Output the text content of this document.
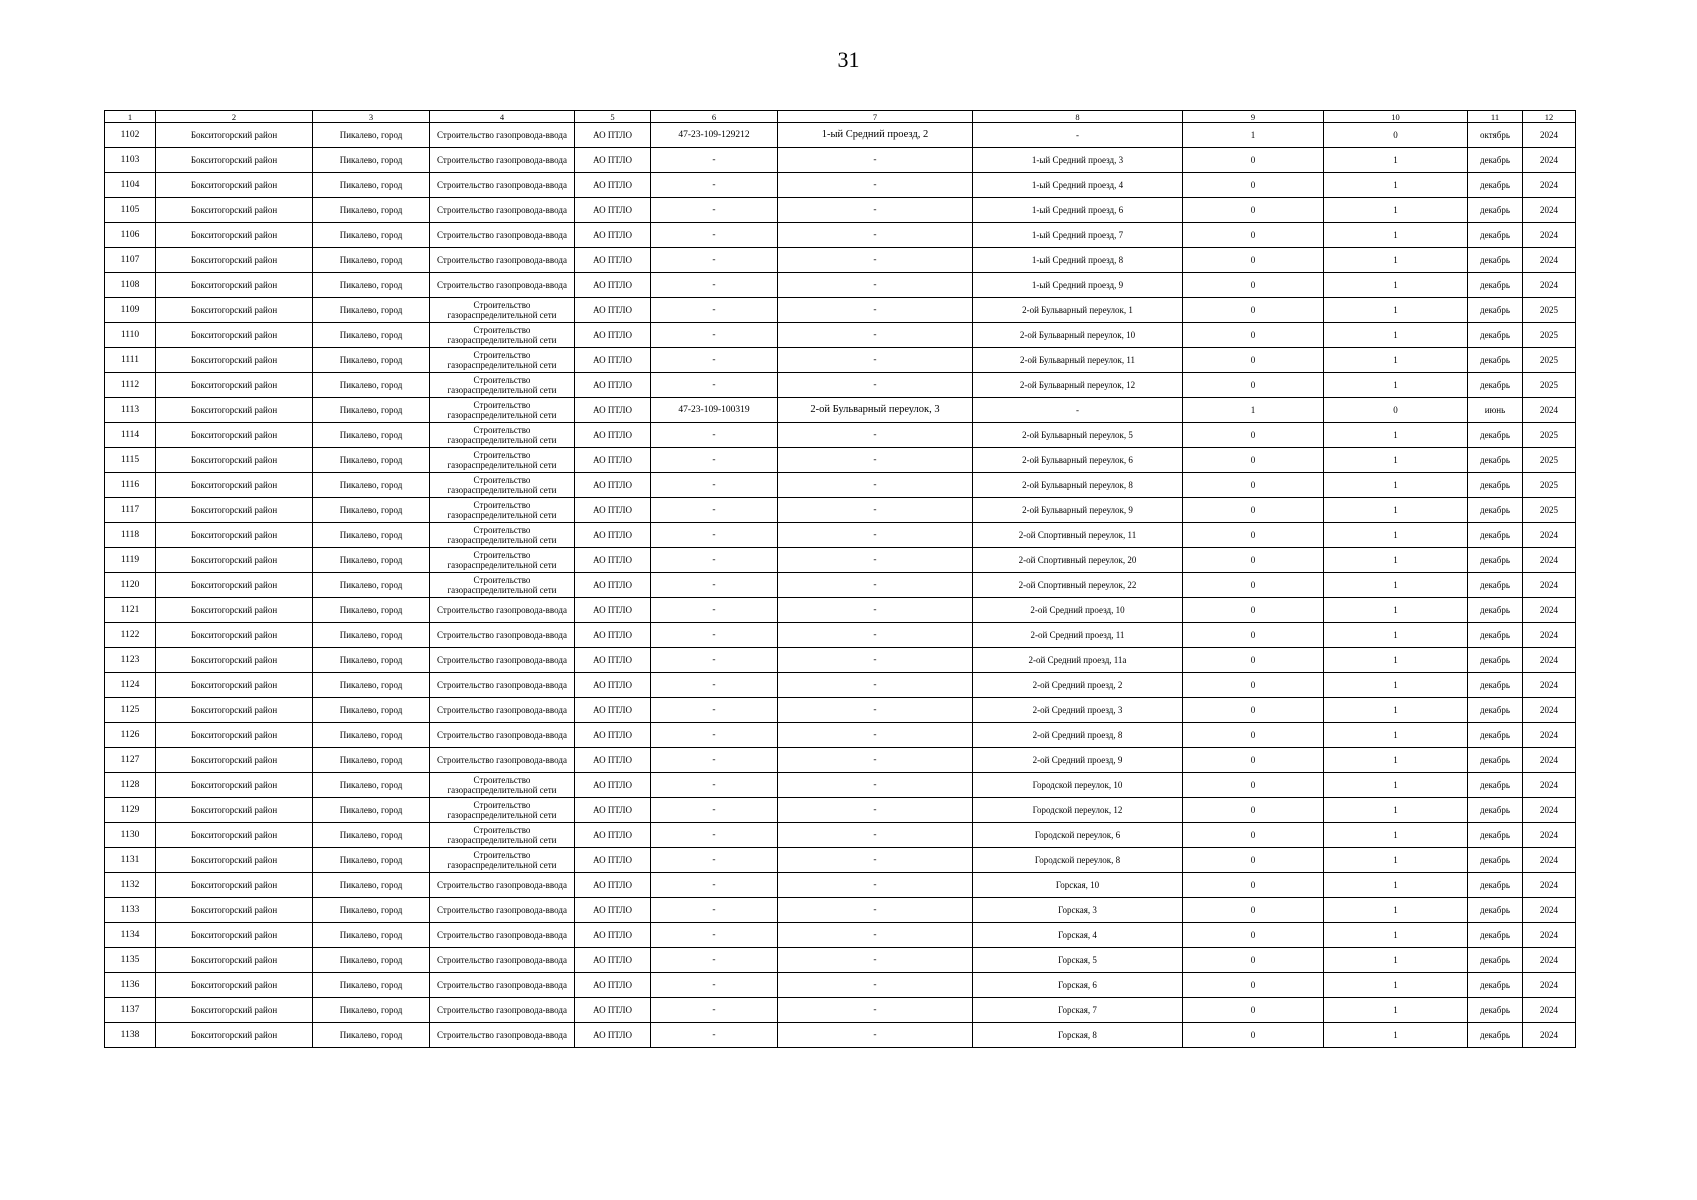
31
1	2	3	4	5	6	7	8	9	10	11	12
1102	Бокситогорский район	Пикалево, город	Строительство газопровода-ввода	АО ПТЛО	47-23-109-129212	1-ый Средний проезд, 2	-	1	0	октябрь	2024
1103	Бокситогорский район	Пикалево, город	Строительство газопровода-ввода	АО ПТЛО	-	-	1-ый Средний проезд, 3	0	1	декабрь	2024
1104	Бокситогорский район	Пикалево, город	Строительство газопровода-ввода	АО ПТЛО	-	-	1-ый Средний проезд, 4	0	1	декабрь	2024
1105	Бокситогорский район	Пикалево, город	Строительство газопровода-ввода	АО ПТЛО	-	-	1-ый Средний проезд, 6	0	1	декабрь	2024
1106	Бокситогорский район	Пикалево, город	Строительство газопровода-ввода	АО ПТЛО	-	-	1-ый Средний проезд, 7	0	1	декабрь	2024
1107	Бокситогорский район	Пикалево, город	Строительство газопровода-ввода	АО ПТЛО	-	-	1-ый Средний проезд, 8	0	1	декабрь	2024
1108	Бокситогорский район	Пикалево, город	Строительство газопровода-ввода	АО ПТЛО	-	-	1-ый Средний проезд, 9	0	1	декабрь	2024
1109	Бокситогорский район	Пикалево, город	Строительство газораспределительной сети	АО ПТЛО	-	-	2-ой Бульварный переулок, 1	0	1	декабрь	2025
1110	Бокситогорский район	Пикалево, город	Строительство газораспределительной сети	АО ПТЛО	-	-	2-ой Бульварный переулок, 10	0	1	декабрь	2025
1111	Бокситогорский район	Пикалево, город	Строительство газораспределительной сети	АО ПТЛО	-	-	2-ой Бульварный переулок, 11	0	1	декабрь	2025
1112	Бокситогорский район	Пикалево, город	Строительство газораспределительной сети	АО ПТЛО	-	-	2-ой Бульварный переулок, 12	0	1	декабрь	2025
1113	Бокситогорский район	Пикалево, город	Строительство газораспределительной сети	АО ПТЛО	47-23-109-100319	2-ой Бульварный переулок, 3	-	1	0	июнь	2024
1114	Бокситогорский район	Пикалево, город	Строительство газораспределительной сети	АО ПТЛО	-	-	2-ой Бульварный переулок, 5	0	1	декабрь	2025
1115	Бокситогорский район	Пикалево, город	Строительство газораспределительной сети	АО ПТЛО	-	-	2-ой Бульварный переулок, 6	0	1	декабрь	2025
1116	Бокситогорский район	Пикалево, город	Строительство газораспределительной сети	АО ПТЛО	-	-	2-ой Бульварный переулок, 8	0	1	декабрь	2025
1117	Бокситогорский район	Пикалево, город	Строительство газораспределительной сети	АО ПТЛО	-	-	2-ой Бульварный переулок, 9	0	1	декабрь	2025
1118	Бокситогорский район	Пикалево, город	Строительство газораспределительной сети	АО ПТЛО	-	-	2-ой Спортивный переулок, 11	0	1	декабрь	2024
1119	Бокситогорский район	Пикалево, город	Строительство газораспределительной сети	АО ПТЛО	-	-	2-ой Спортивный переулок, 20	0	1	декабрь	2024
1120	Бокситогорский район	Пикалево, город	Строительство газораспределительной сети	АО ПТЛО	-	-	2-ой Спортивный переулок, 22	0	1	декабрь	2024
1121	Бокситогорский район	Пикалево, город	Строительство газопровода-ввода	АО ПТЛО	-	-	2-ой Средний проезд, 10	0	1	декабрь	2024
1122	Бокситогорский район	Пикалево, город	Строительство газопровода-ввода	АО ПТЛО	-	-	2-ой Средний проезд, 11	0	1	декабрь	2024
1123	Бокситогорский район	Пикалево, город	Строительство газопровода-ввода	АО ПТЛО	-	-	2-ой Средний проезд, 11а	0	1	декабрь	2024
1124	Бокситогорский район	Пикалево, город	Строительство газопровода-ввода	АО ПТЛО	-	-	2-ой Средний проезд, 2	0	1	декабрь	2024
1125	Бокситогорский район	Пикалево, город	Строительство газопровода-ввода	АО ПТЛО	-	-	2-ой Средний проезд, 3	0	1	декабрь	2024
1126	Бокситогорский район	Пикалево, город	Строительство газопровода-ввода	АО ПТЛО	-	-	2-ой Средний проезд, 8	0	1	декабрь	2024
1127	Бокситогорский район	Пикалево, город	Строительство газопровода-ввода	АО ПТЛО	-	-	2-ой Средний проезд, 9	0	1	декабрь	2024
1128	Бокситогорский район	Пикалево, город	Строительство газораспределительной сети	АО ПТЛО	-	-	Городской переулок, 10	0	1	декабрь	2024
1129	Бокситогорский район	Пикалево, город	Строительство газораспределительной сети	АО ПТЛО	-	-	Городской переулок, 12	0	1	декабрь	2024
1130	Бокситогорский район	Пикалево, город	Строительство газораспределительной сети	АО ПТЛО	-	-	Городской переулок, 6	0	1	декабрь	2024
1131	Бокситогорский район	Пикалево, город	Строительство газораспределительной сети	АО ПТЛО	-	-	Городской переулок, 8	0	1	декабрь	2024
1132	Бокситогорский район	Пикалево, город	Строительство газопровода-ввода	АО ПТЛО	-	-	Горская, 10	0	1	декабрь	2024
1133	Бокситогорский район	Пикалево, город	Строительство газопровода-ввода	АО ПТЛО	-	-	Горская, 3	0	1	декабрь	2024
1134	Бокситогорский район	Пикалево, город	Строительство газопровода-ввода	АО ПТЛО	-	-	Горская, 4	0	1	декабрь	2024
1135	Бокситогорский район	Пикалево, город	Строительство газопровода-ввода	АО ПТЛО	-	-	Горская, 5	0	1	декабрь	2024
1136	Бокситогорский район	Пикалево, город	Строительство газопровода-ввода	АО ПТЛО	-	-	Горская, 6	0	1	декабрь	2024
1137	Бокситогорский район	Пикалево, город	Строительство газопровода-ввода	АО ПТЛО	-	-	Горская, 7	0	1	декабрь	2024
1138	Бокситогорский район	Пикалево, город	Строительство газопровода-ввода	АО ПТЛО	-	-	Горская, 8	0	1	декабрь	2024
